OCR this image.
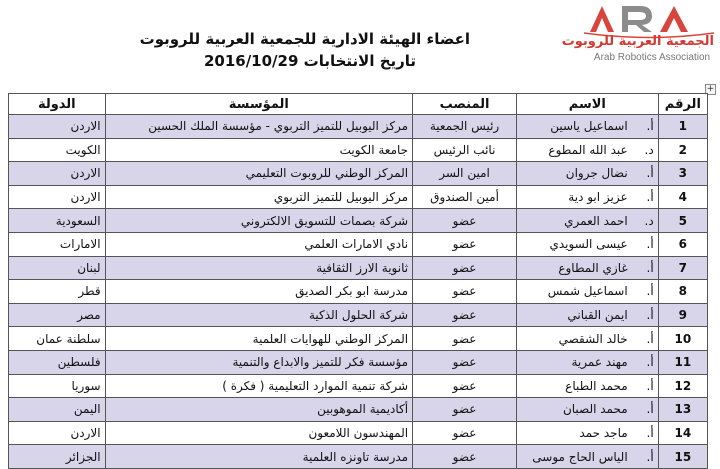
اعضاء الهيئة الادارية للجمعية العربية للروبوت
تاريخ الانتخابات 2016/10/29
الجمعية العربية للروبوت
Arab Robotics Association
+
الرقم	الاسم	المنصب	المؤسسة	الدولة
1	أ.اسماعيل ياسين	رئيس الجمعية	مركز اليوبيل للتميز التربوي - مؤسسة الملك الحسين	الاردن
2	د.عبد الله المطوع	نائب الرئيس	جامعة الكويت	الكويت
3	أ.نضال جروان	امين السر	المركز الوطني للروبوت التعليمي	الاردن
4	أ.عزيز ابو دية	أمين الصندوق	مركز اليوبيل للتميز التربوي	الاردن
5	د.احمد العمري	عضو	شركة بصمات للتسويق الالكتروني	السعودية
6	أ.عيسى السويدي	عضو	نادي الامارات العلمي	الامارات
7	أ.غازي المطاوع	عضو	ثانوية الارز الثقافية	لبنان
8	أ.اسماعيل شمس	عضو	مدرسة ابو بكر الصديق	قطر
9	أ.ايمن القباني	عضو	شركة الحلول الذكية	مصر
10	أ.خالد الشقصي	عضو	المركز الوطني للهوايات العلمية	سلطنة عمان
11	أ.مهند عمرية	عضو	مؤسسة فكر للتميز والابداع والتنمية	فلسطين
12	أ.محمد الطباع	عضو	شركة تنمية الموارد التعليمية ( فكرة )	سوريا
13	أ.محمد الصبان	عضو	أكاديمية الموهوبين	اليمن
14	أ.ماجد حمد	عضو	المهندسون اللامعون	الاردن
15	أ.الياس الحاج موسى	عضو	مدرسة تاونزه العلمية	الجزائر
